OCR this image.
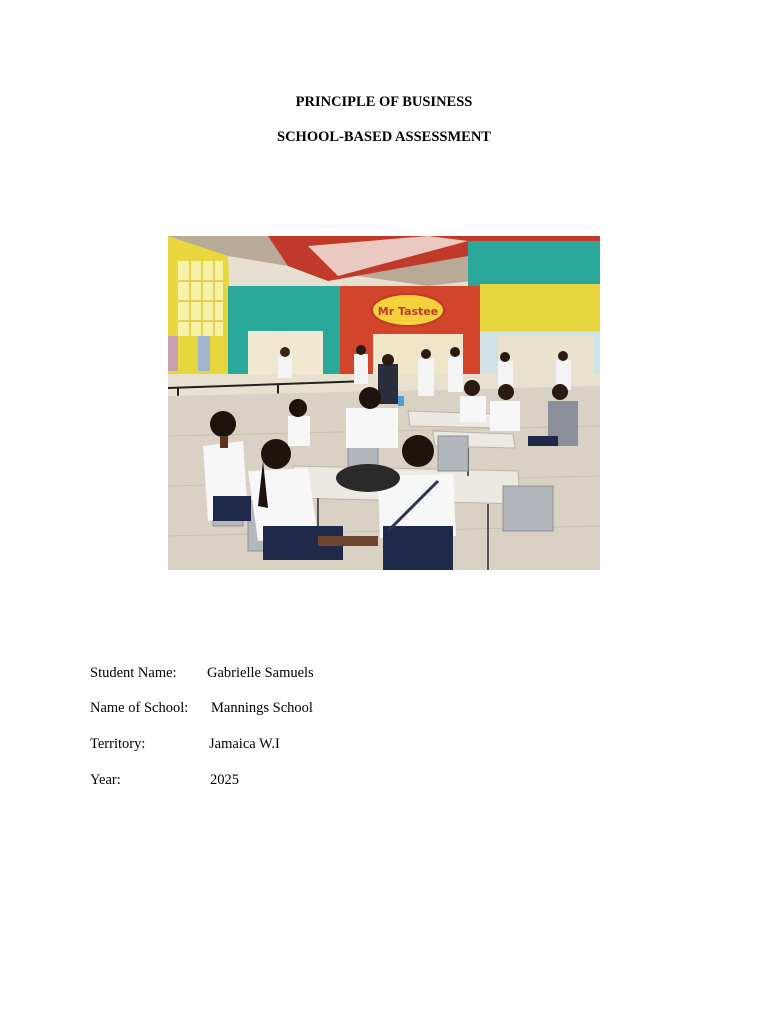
PRINCIPLE OF BUSINESS
SCHOOL-BASED ASSESSMENT
Mr Tastee
Student Name: Gabrielle Samuels
Name of School: Mannings School
Territory:	Jamaica W.I
Year:	2025
